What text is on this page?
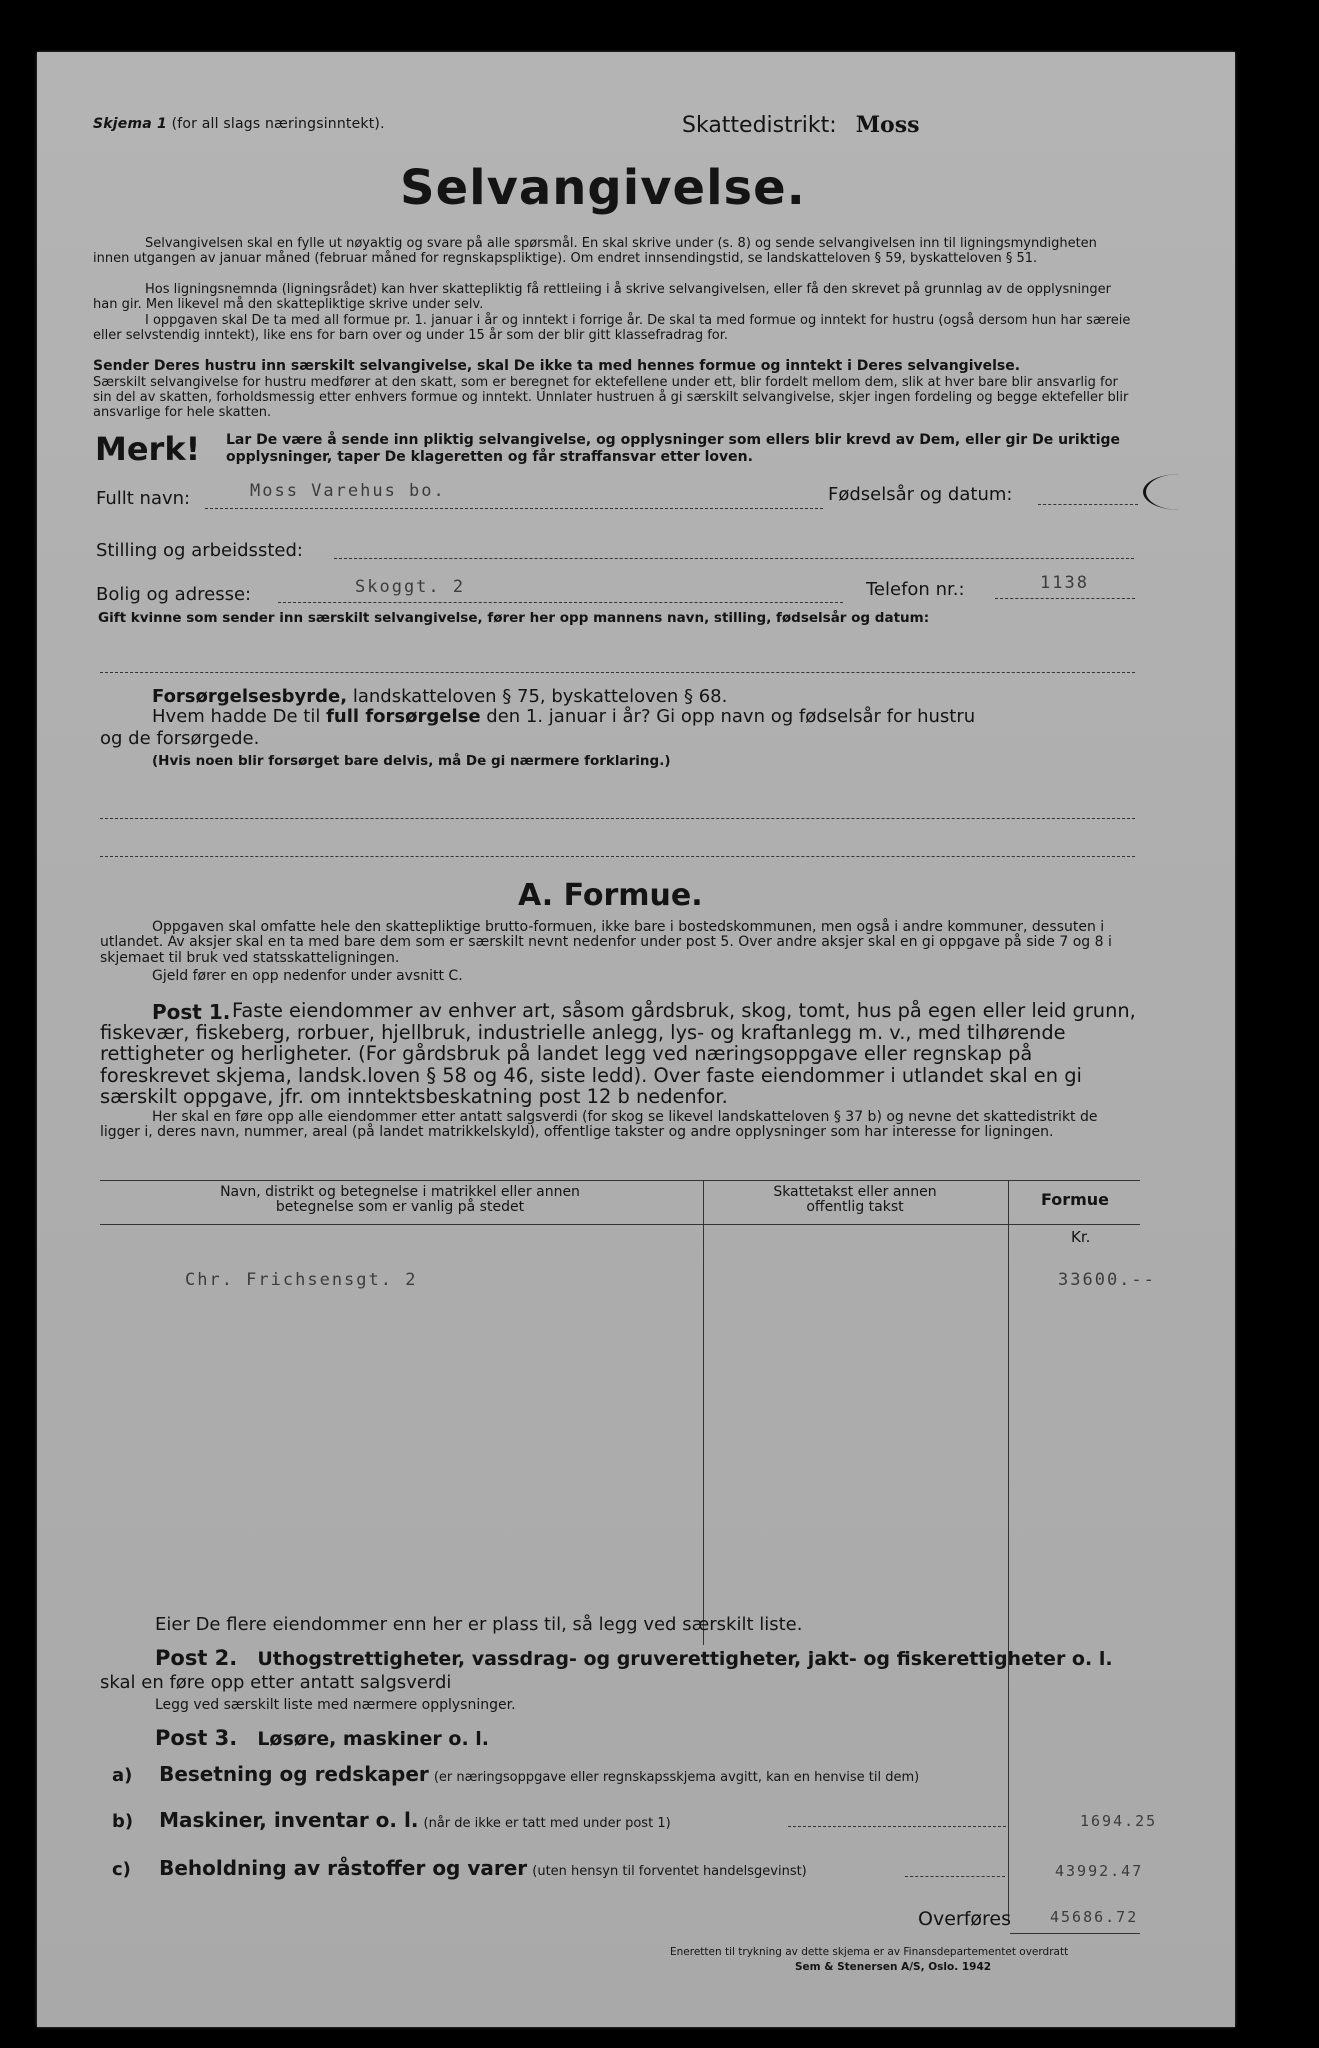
Skjema 1 (for all slags næringsinntekt).	Skattedistrikt: Moss
Selvangivelse.
Selvangivelsen skal en fylle ut nøyaktig og svare på alle spørsmål. En skal skrive under (s. 8) og sende selvangivelsen inn til ligningsmyndigheten innen utgangen av januar måned (februar måned for regnskapspliktige). Om endret innsendingstid, se landskatteloven § 59, byskatteloven § 51.
Hos ligningsnemnda (ligningsrådet) kan hver skattepliktig få rettleiing i å skrive selvangivelsen, eller få den skrevet på grunnlag av de opplysninger han gir. Men likevel må den skattepliktige skrive under selv.
I oppgaven skal De ta med all formue pr. 1. januar i år og inntekt i forrige år. De skal ta med formue og inntekt for hustru (også dersom hun har særeie eller selvstendig inntekt), like ens for barn over og under 15 år som der blir gitt klassefradrag for.
Sender Deres hustru inn særskilt selvangivelse, skal De ikke ta med hennes formue og inntekt i Deres selvangivelse.
Særskilt selvangivelse for hustru medfører at den skatt, som er beregnet for ektefellene under ett, blir fordelt mellom dem, slik at hver bare blir ansvarlig for sin del av skatten, forholdsmessig etter enhvers formue og inntekt. Unnlater hustruen å gi særskilt selvangivelse, skjer ingen fordeling og begge ektefeller blir ansvarlige for hele skatten.
Merk! Lar De være å sende inn pliktig selvangivelse, og opplysninger som ellers blir krevd av Dem, eller gir De uriktige opplysninger, taper De klageretten og får straffansvar etter loven.
Fullt navn:	Moss Varehus bo.	Fødselsår og datum:
Stilling og arbeidssted:
Bolig og adresse:	Skoggt. 2	Telefon nr.:	1138
Gift kvinne som sender inn særskilt selvangivelse, fører her opp mannens navn, stilling, fødselsår og datum:
Forsørgelsesbyrde, landskatteloven § 75, byskatteloven § 68.
Hvem hadde De til full forsørgelse den 1. januar i år? Gi opp navn og fødselsår for hustru
og de forsørgede.
(Hvis noen blir forsørget bare delvis, må De gi nærmere forklaring.)
A. Formue.
Oppgaven skal omfatte hele den skattepliktige brutto-formuen, ikke bare i bostedskommunen, men også i andre kommuner, dessuten i utlandet. Av aksjer skal en ta med bare dem som er særskilt nevnt nedenfor under post 5. Over andre aksjer skal en gi oppgave på side 7 og 8 i skjemaet til bruk ved statsskatteligningen.
Gjeld fører en opp nedenfor under avsnitt C.
Post 1. Faste eiendommer av enhver art, såsom gårdsbruk, skog, tomt, hus på egen eller leid grunn, fiskevær, fiskeberg, rorbuer, hjellbruk, industrielle anlegg, lys- og kraftanlegg m. v., med tilhørende rettigheter og herligheter. (For gårdsbruk på landet legg ved næringsoppgave eller regnskap på foreskrevet skjema, landsk.loven § 58 og 46, siste ledd). Over faste eiendommer i utlandet skal en gi særskilt oppgave, jfr. om inntektsbeskatning post 12 b nedenfor.
Her skal en føre opp alle eiendommer etter antatt salgsverdi (for skog se likevel landskatteloven § 37 b) og nevne det skattedistrikt de ligger i, deres navn, nummer, areal (på landet matrikkelskyld), offentlige takster og andre opplysninger som har interesse for ligningen.
Navn, distrikt og betegnelse i matrikkel eller annen betegnelse som er vanlig på stedet
Skattetakst eller annen offentlig takst	Formue
Kr.
Chr. Frichsensgt. 2	33600.--
Eier De flere eiendommer enn her er plass til, så legg ved særskilt liste.
Post 2. Uthogstrettigheter, vassdrag- og gruverettigheter, jakt- og fiskerettigheter o. l.
skal en føre opp etter antatt salgsverdi
Legg ved særskilt liste med nærmere opplysninger.
Post 3. Løsøre, maskiner o. l.
a) Besetning og redskaper (er næringsoppgave eller regnskapsskjema avgitt, kan en henvise til dem)
b) Maskiner, inventar o. l. (når de ikke er tatt med under post 1)	1694.25
c) Beholdning av råstoffer og varer (uten hensyn til forventet handelsgevinst)	43992.47
Overføres	45686.72
Eneretten til trykning av dette skjema er av Finansdepartementet overdratt
Sem & Stenersen A/S, Oslo. 1942
